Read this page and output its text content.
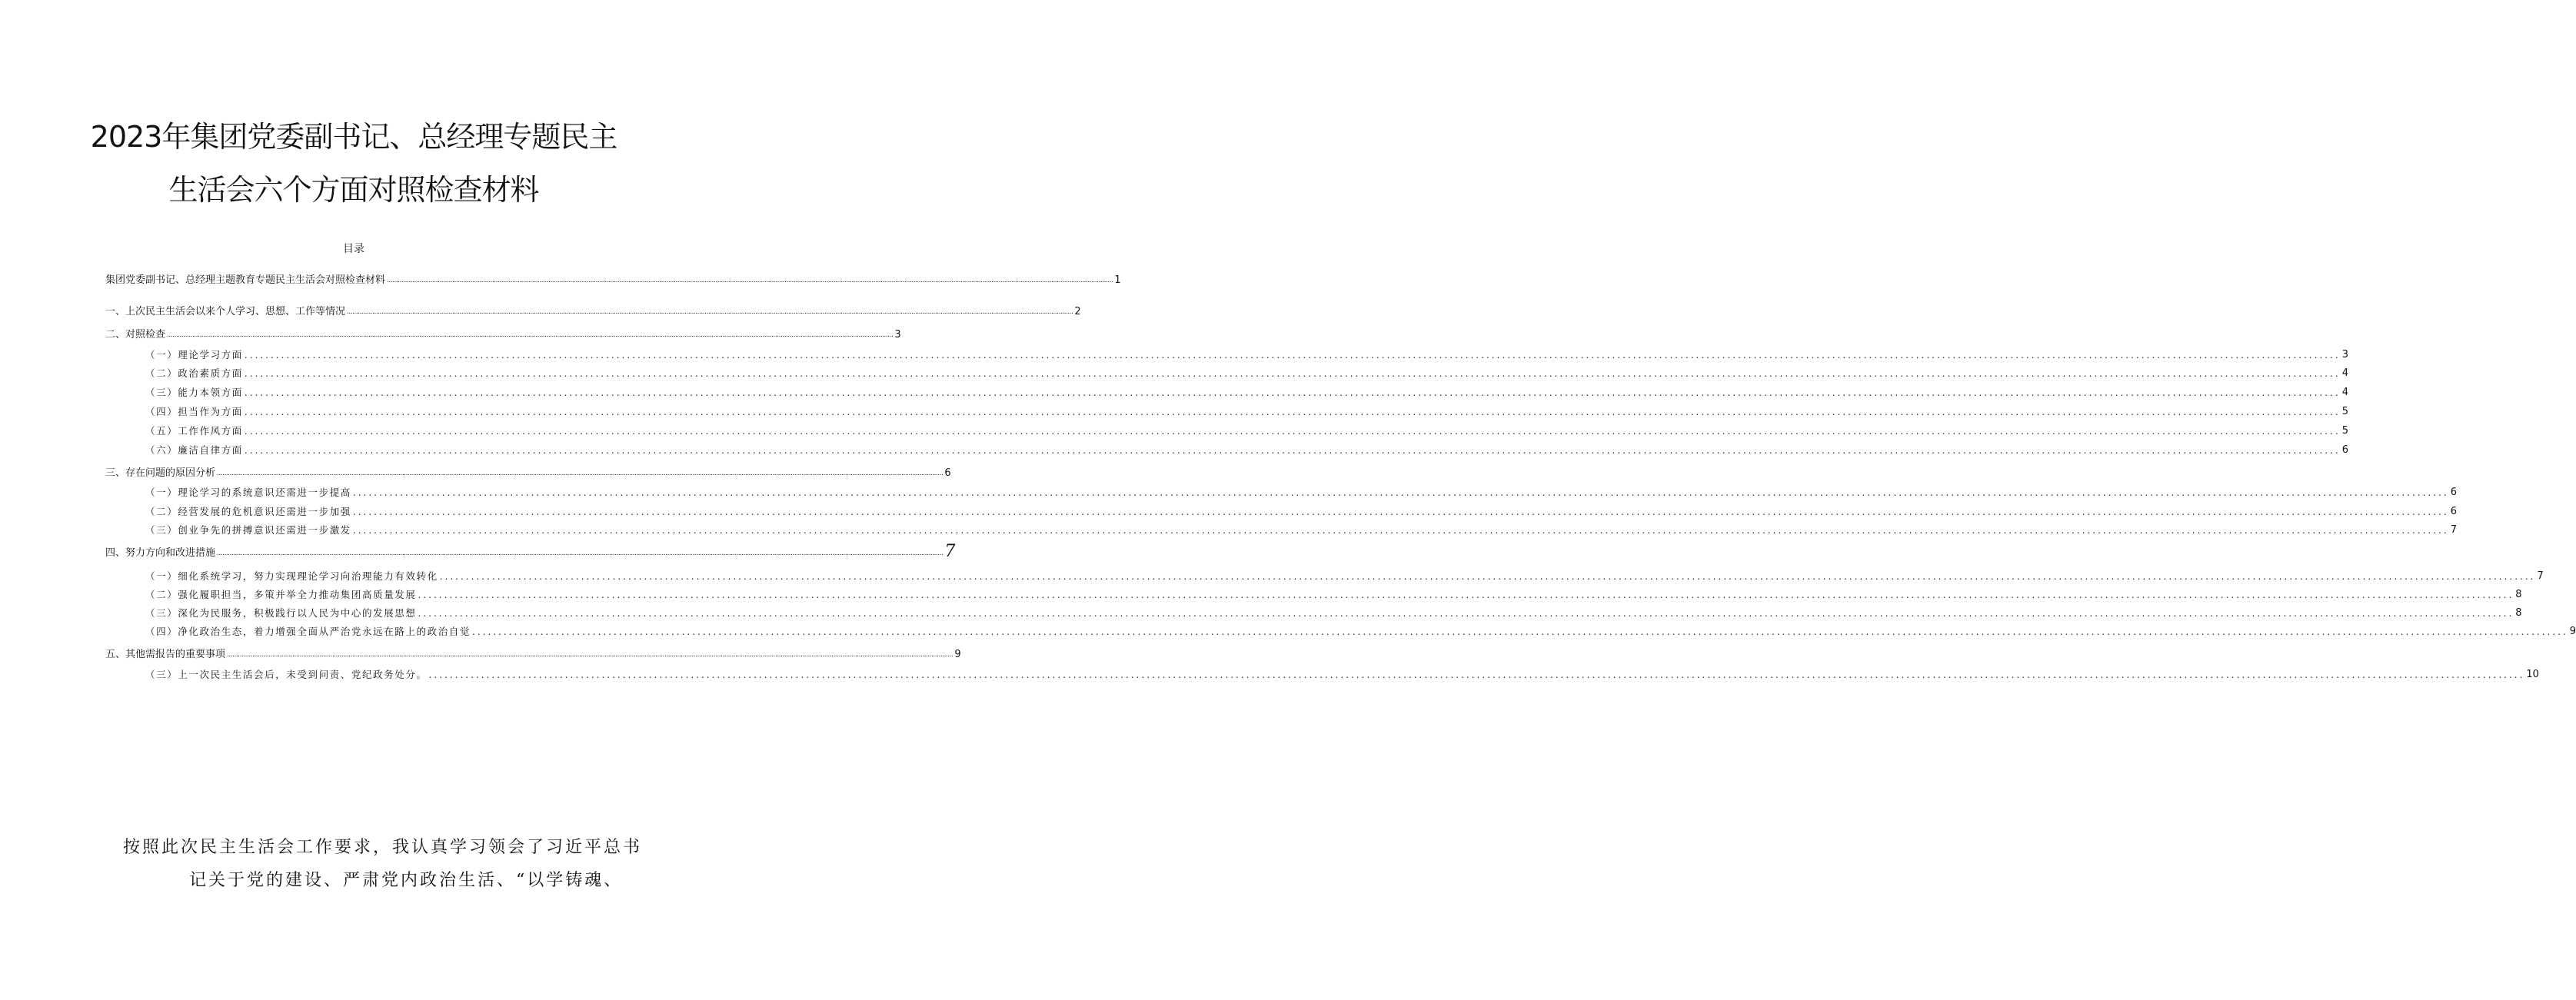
2023年集团党委副书记、总经理专题民主
生活会六个方面对照检查材料
目录
集团党委副书记、总经理主题教育专题民主生活会对照检查材料 ................................................................................................................................................................................................................................................................................................................................................................................................................ 1
一、上次民主生活会以来个人学习、思想、工作等情况 ................................................................................................................................................................................................................................................................................................................................................................................................................ 2
二、对照检查 ................................................................................................................................................................................................................................................................................................................................................................................................................ 3
（一）理论学习方面 ................................................................................................................................................................................................................................................................................................................................................................................................................ 3
（二）政治素质方面 ................................................................................................................................................................................................................................................................................................................................................................................................................ 4
（三）能力本领方面 ................................................................................................................................................................................................................................................................................................................................................................................................................ 4
（四）担当作为方面 ................................................................................................................................................................................................................................................................................................................................................................................................................ 5
（五）工作作风方面 ................................................................................................................................................................................................................................................................................................................................................................................................................ 5
（六）廉洁自律方面 ................................................................................................................................................................................................................................................................................................................................................................................................................ 6
三、存在问题的原因分析 ................................................................................................................................................................................................................................................................................................................................................................................................................ 6
（一）理论学习的系统意识还需进一步提高 ................................................................................................................................................................................................................................................................................................................................................................................................................ 6
（二）经营发展的危机意识还需进一步加强 ................................................................................................................................................................................................................................................................................................................................................................................................................ 6
（三）创业争先的拼搏意识还需进一步激发 ................................................................................................................................................................................................................................................................................................................................................................................................................ 7
四、努力方向和改进措施 ................................................................................................................................................................................................................................................................................................................................................................................................................ 7
（一）细化系统学习，努力实现理论学习向治理能力有效转化 ................................................................................................................................................................................................................................................................................................................................................................................................................ 7
（二）强化履职担当，多策并举全力推动集团高质量发展 ................................................................................................................................................................................................................................................................................................................................................................................................................ 8
（三）深化为民服务，积极践行以人民为中心的发展思想 ................................................................................................................................................................................................................................................................................................................................................................................................................ 8
（四）净化政治生态，着力增强全面从严治党永远在路上的政治自觉 ................................................................................................................................................................................................................................................................................................................................................................................................................ 9
五、其他需报告的重要事项 ................................................................................................................................................................................................................................................................................................................................................................................................................ 9
（三）上一次民主生活会后，未受到问责、党纪政务处分。 ................................................................................................................................................................................................................................................................................................................................................................................................................ 10
按照此次民主生活会工作要求，我认真学习领会了习近平总书
记关于党的建设、严肃党内政治生活、“以学铸魂、
